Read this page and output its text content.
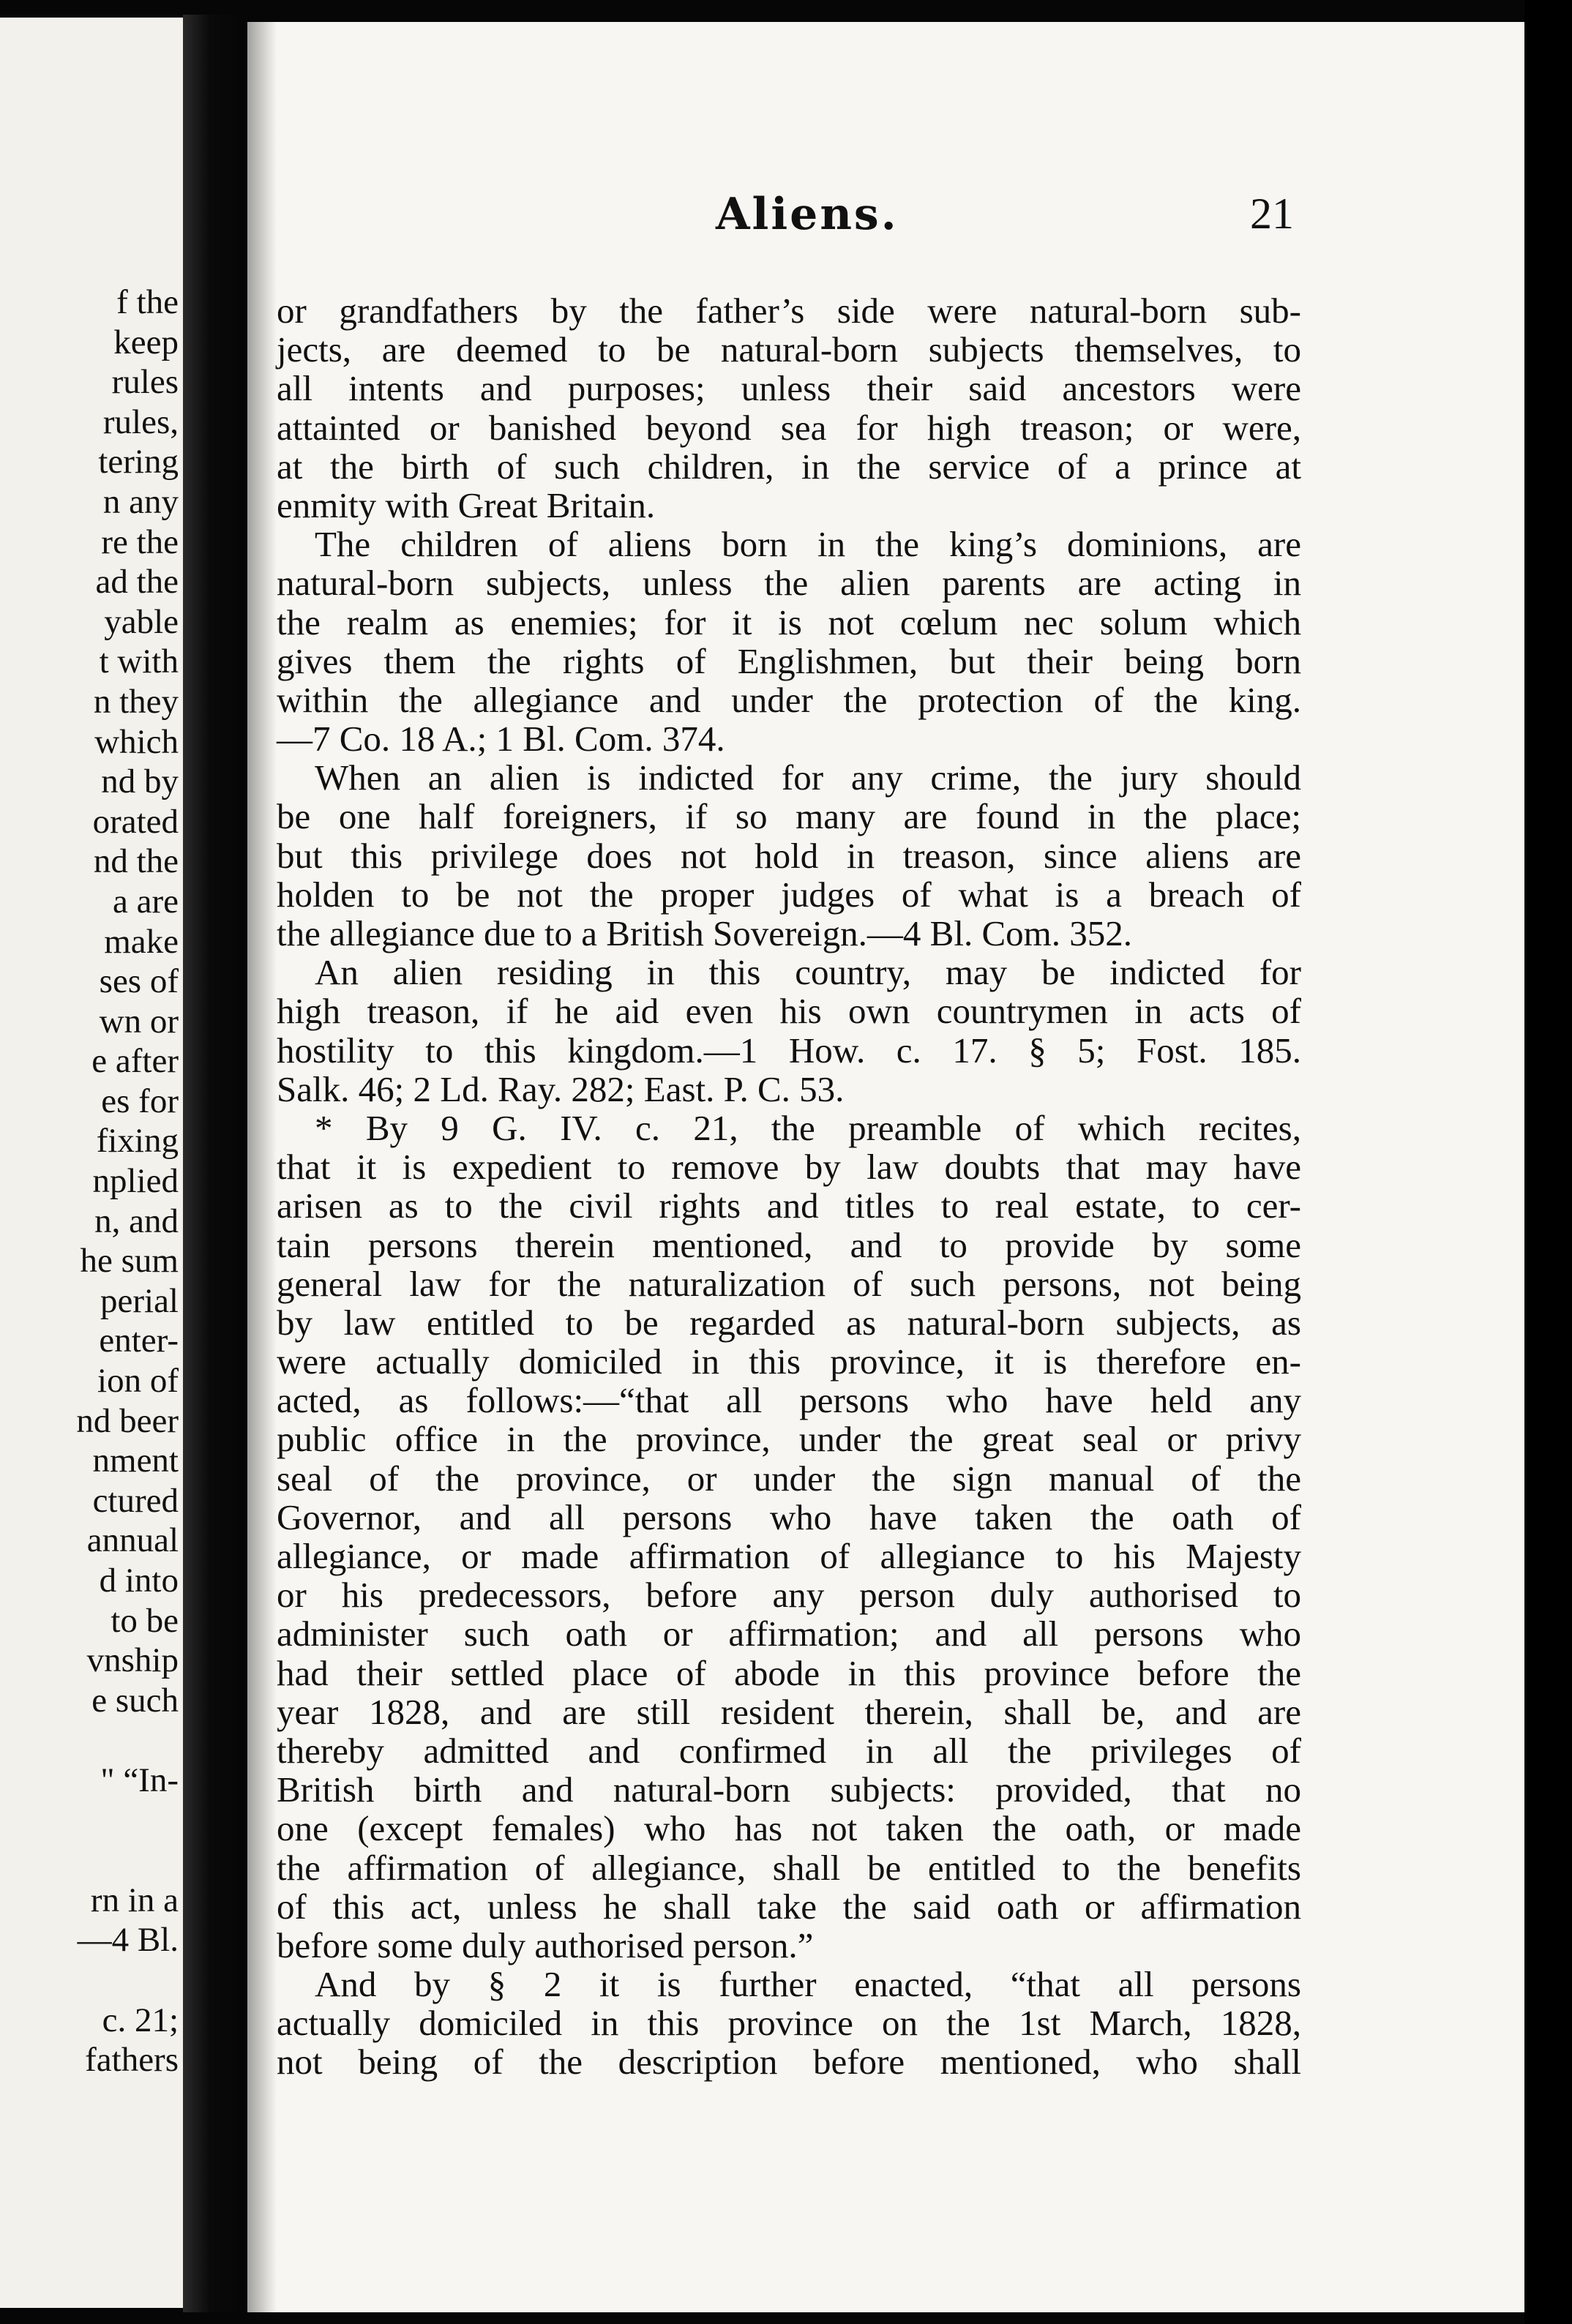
f the
keep
rules
rules,
tering
n any
re the
ad the
yable
t with
n they
which
nd by
orated
nd the
a are
make
ses of
wn or
e after
es for
fixing
nplied
n, and
he sum
perial
enter-
ion of
nd beer
nment
ctured
annual
d into
to be
vnship
e such
" “In-
rn in a
—4 Bl.
c. 21;
fathers
Aliens.	21
or grandfathers by the father’s side were natural-born sub-
jects, are deemed to be natural-born subjects themselves, to
all intents and purposes; unless their said ancestors were
attainted or banished beyond sea for high treason; or were,
at the birth of such children, in the service of a prince at
enmity with Great Britain.
The children of aliens born in the king’s dominions, are
natural-born subjects, unless the alien parents are acting in
the realm as enemies; for it is not cœlum nec solum which
gives them the rights of Englishmen, but their being born
within the allegiance and under the protection of the king.
—7 Co. 18 A.; 1 Bl. Com. 374.
When an alien is indicted for any crime, the jury should
be one half foreigners, if so many are found in the place;
but this privilege does not hold in treason, since aliens are
holden to be not the proper judges of what is a breach of
the allegiance due to a British Sovereign.—4 Bl. Com. 352.
An alien residing in this country, may be indicted for
high treason, if he aid even his own countrymen in acts of
hostility to this kingdom.—1 How. c. 17. § 5; Fost. 185.
Salk. 46; 2 Ld. Ray. 282; East. P. C. 53.
* By 9 G. IV. c. 21, the preamble of which recites,
that it is expedient to remove by law doubts that may have
arisen as to the civil rights and titles to real estate, to cer-
tain persons therein mentioned, and to provide by some
general law for the naturalization of such persons, not being
by law entitled to be regarded as natural-born subjects, as
were actually domiciled in this province, it is therefore en-
acted, as follows:—“that all persons who have held any
public office in the province, under the great seal or privy
seal of the province, or under the sign manual of the
Governor, and all persons who have taken the oath of
allegiance, or made affirmation of allegiance to his Majesty
or his predecessors, before any person duly authorised to
administer such oath or affirmation; and all persons who
had their settled place of abode in this province before the
year 1828, and are still resident therein, shall be, and are
thereby admitted and confirmed in all the privileges of
British birth and natural-born subjects: provided, that no
one (except females) who has not taken the oath, or made
the affirmation of allegiance, shall be entitled to the benefits
of this act, unless he shall take the said oath or affirmation
before some duly authorised person.”
And by § 2 it is further enacted, “that all persons
actually domiciled in this province on the 1st March, 1828,
not being of the description before mentioned, who shall
